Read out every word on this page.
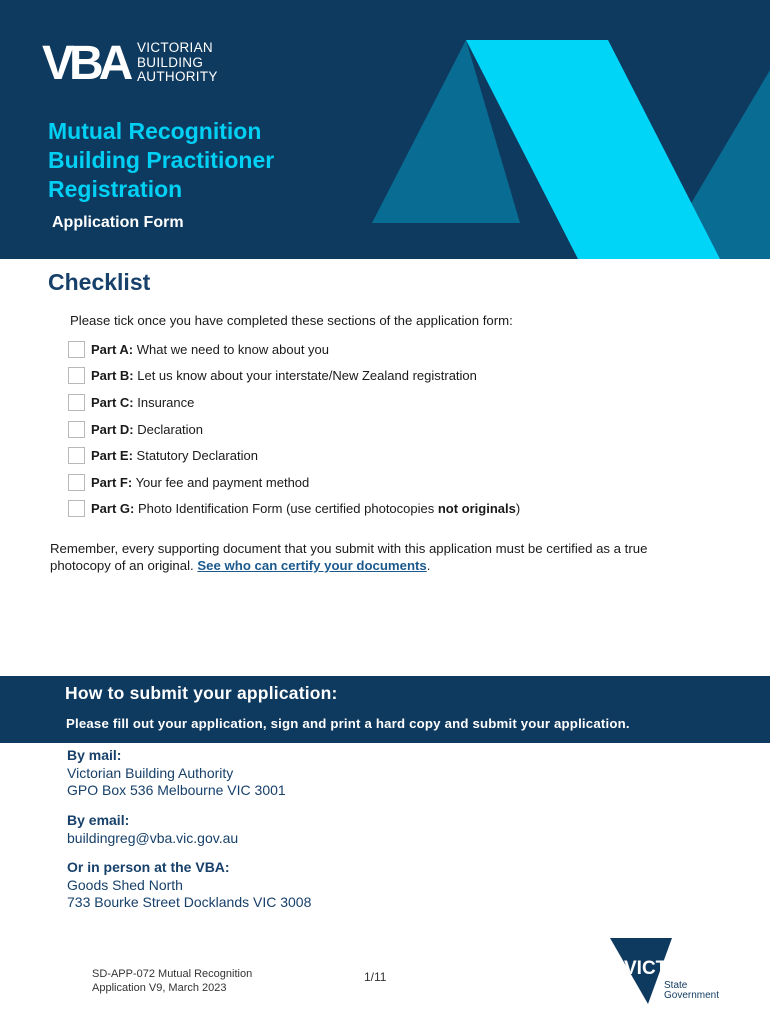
VBA VICTORIAN
BUILDING
AUTHORITY
Mutual Recognition
Building Practitioner
Registration
Application Form
Checklist
Please tick once you have completed these sections of the application form:
Part A: What we need to know about you
Part B: Let us know about your interstate/New Zealand registration
Part C: Insurance
Part D: Declaration
Part E: Statutory Declaration
Part F: Your fee and payment method
Part G: Photo Identification Form (use certified photocopies not originals)
Remember, every supporting document that you submit with this application must be certified as a true photocopy of an original. See who can certify your documents.
How to submit your application:
Please fill out your application, sign and print a hard copy and submit your application.
By mail:
Victorian Building Authority
GPO Box 536 Melbourne VIC 3001
By email:
buildingreg@vba.vic.gov.au
Or in person at the VBA:
Goods Shed North
733 Bourke Street Docklands VIC 3008
SD-APP-072 Mutual Recognition
Application V9, March 2023
1/11	VICTORIA
State
Government
